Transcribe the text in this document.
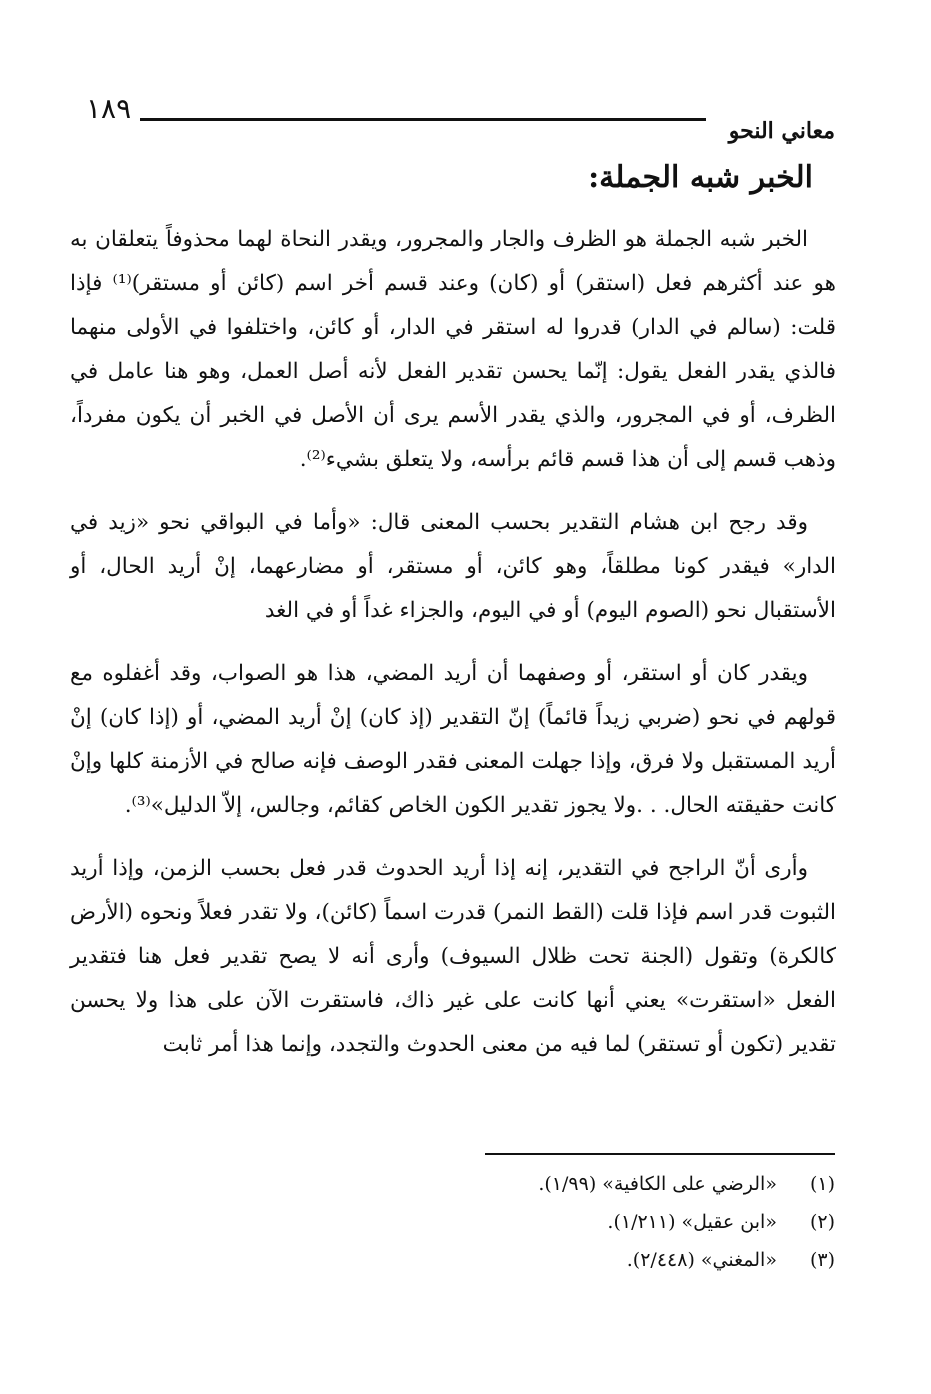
١٨٩
معاني النحو
الخبر شبه الجملة:

الخبر شبه الجملة هو الظرف والجار والمجرور، ويقدر النحاة لهما محذوفاً يتعلقان به هو عند أكثرهم فعل (استقر) أو (كان) وعند قسم أخر اسم (كائن أو مستقر)⁽¹⁾ فإذا قلت: (سالم في الدار) قدروا له استقر في الدار، أو كائن، واختلفوا في الأولى منهما فالذي يقدر الفعل يقول: إنّما يحسن تقدير الفعل لأنه أصل العمل، وهو هنا عامل في الظرف، أو في المجرور، والذي يقدر الأسم يرى أن الأصل في الخبر أن يكون مفرداً، وذهب قسم إلى أن هذا قسم قائم برأسه، ولا يتعلق بشيء⁽²⁾.

وقد رجح ابن هشام التقدير بحسب المعنى قال: «وأما في البواقي نحو «زيد في الدار» فيقدر كونا مطلقاً، وهو كائن، أو مستقر، أو مضارعهما، إنْ أريد الحال، أو الأستقبال نحو (الصوم اليوم) أو في اليوم، والجزاء غداً أو في الغد

ويقدر كان أو استقر، أو وصفهما أن أريد المضي، هذا هو الصواب، وقد أغفلوه مع قولهم في نحو (ضربي زيداً قائماً) إنّ التقدير (إذ كان) إنْ أريد المضي، أو (إذا كان) إنْ أريد المستقبل ولا فرق، وإذا جهلت المعنى فقدر الوصف فإنه صالح في الأزمنة كلها وإنْ كانت حقيقته الحال. . .ولا يجوز تقدير الكون الخاص كقائم، وجالس، إلاّ الدليل»⁽³⁾.

وأرى أنّ الراجح في التقدير، إنه إذا أريد الحدوث قدر فعل بحسب الزمن، وإذا أريد الثبوت قدر اسم فإذا قلت (القط النمر) قدرت اسماً (كائن)، ولا تقدر فعلاً ونحوه (الأرض كالكرة) وتقول (الجنة تحت ظلال السيوف) وأرى أنه لا يصح تقدير فعل هنا فتقدير الفعل «استقرت» يعني أنها كانت على غير ذاك، فاستقرت الآن على هذا ولا يحسن تقدير (تكون أو تستقر) لما فيه من معنى الحدوث والتجدد، وإنما هذا أمر ثابت

(١) «الرضي على الكافية» (١/٩٩).
(٢) «ابن عقيل» (١/٢١١).
(٣) «المغني» (٢/٤٤٨).
